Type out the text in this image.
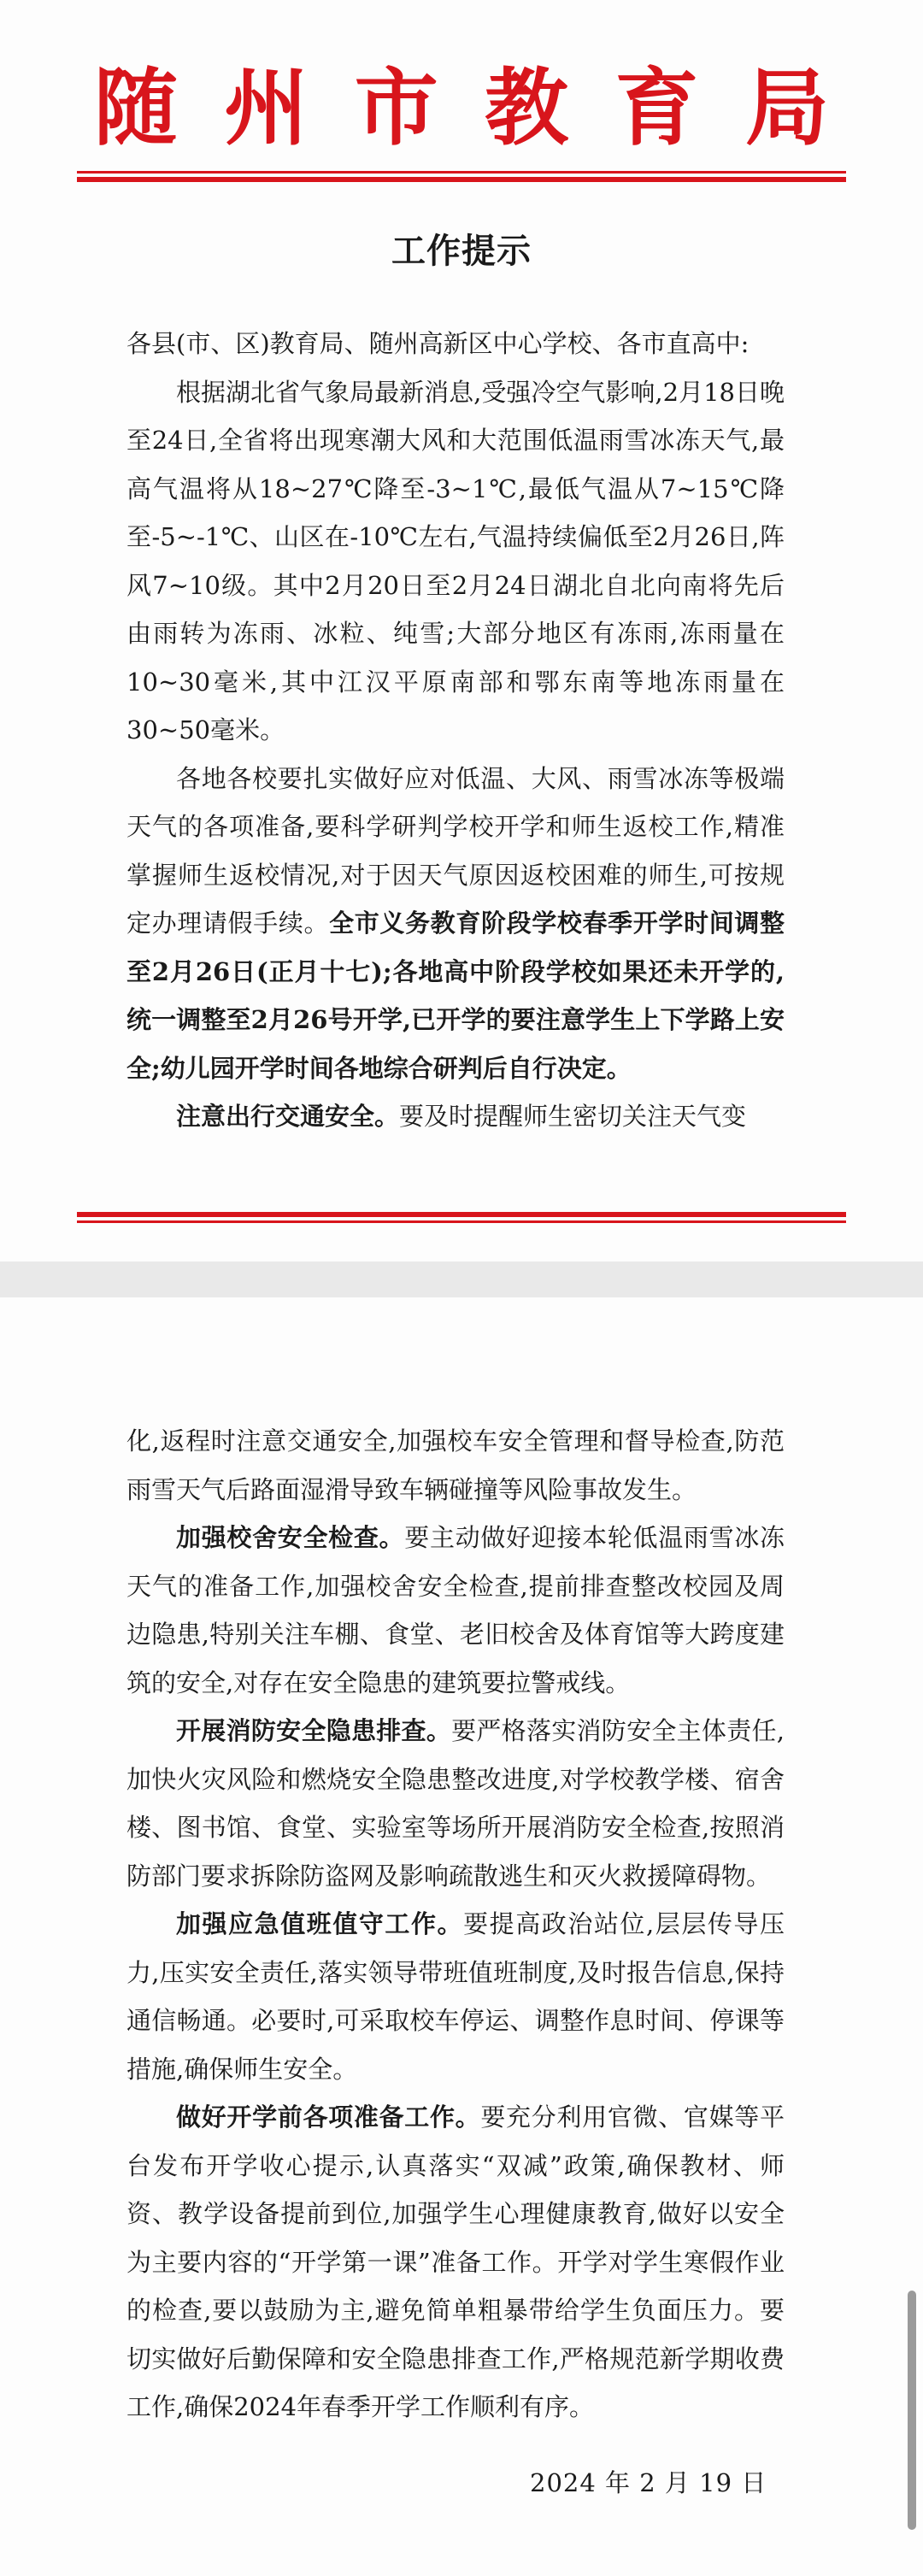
随 州 市 教 育 局
工作提示

各县(市、区)教育局、随州高新区中心学校、各市直高中:

根据湖北省气象局最新消息,受强冷空气影响,2月18日晚至24日,全省将出现寒潮大风和大范围低温雨雪冰冻天气,最高气温将从18~27℃降至-3~1℃,最低气温从7~15℃降至-5~-1℃、山区在-10℃左右,气温持续偏低至2月26日,阵风7~10级。其中2月20日至2月24日湖北自北向南将先后由雨转为冻雨、冰粒、纯雪;大部分地区有冻雨,冻雨量在10~30毫米,其中江汉平原南部和鄂东南等地冻雨量在30~50毫米。

各地各校要扎实做好应对低温、大风、雨雪冰冻等极端天气的各项准备,要科学研判学校开学和师生返校工作,精准掌握师生返校情况,对于因天气原因返校困难的师生,可按规定办理请假手续。全市义务教育阶段学校春季开学时间调整至2月26日(正月十七);各地高中阶段学校如果还未开学的,统一调整至2月26号开学,已开学的要注意学生上下学路上安全;幼儿园开学时间各地综合研判后自行决定。

注意出行交通安全。要及时提醒师生密切关注天气变

化,返程时注意交通安全,加强校车安全管理和督导检查,防范雨雪天气后路面湿滑导致车辆碰撞等风险事故发生。

加强校舍安全检查。要主动做好迎接本轮低温雨雪冰冻天气的准备工作,加强校舍安全检查,提前排查整改校园及周边隐患,特别关注车棚、食堂、老旧校舍及体育馆等大跨度建筑的安全,对存在安全隐患的建筑要拉警戒线。

开展消防安全隐患排查。要严格落实消防安全主体责任,加快火灾风险和燃烧安全隐患整改进度,对学校教学楼、宿舍楼、图书馆、食堂、实验室等场所开展消防安全检查,按照消防部门要求拆除防盗网及影响疏散逃生和灭火救援障碍物。

加强应急值班值守工作。要提高政治站位,层层传导压力,压实安全责任,落实领导带班值班制度,及时报告信息,保持通信畅通。必要时,可采取校车停运、调整作息时间、停课等措施,确保师生安全。

做好开学前各项准备工作。要充分利用官微、官媒等平台发布开学收心提示,认真落实“双减”政策,确保教材、师资、教学设备提前到位,加强学生心理健康教育,做好以安全为主要内容的“开学第一课”准备工作。开学对学生寒假作业的检查,要以鼓励为主,避免简单粗暴带给学生负面压力。要切实做好后勤保障和安全隐患排查工作,严格规范新学期收费工作,确保2024年春季开学工作顺利有序。

2024 年 2 月 19 日
